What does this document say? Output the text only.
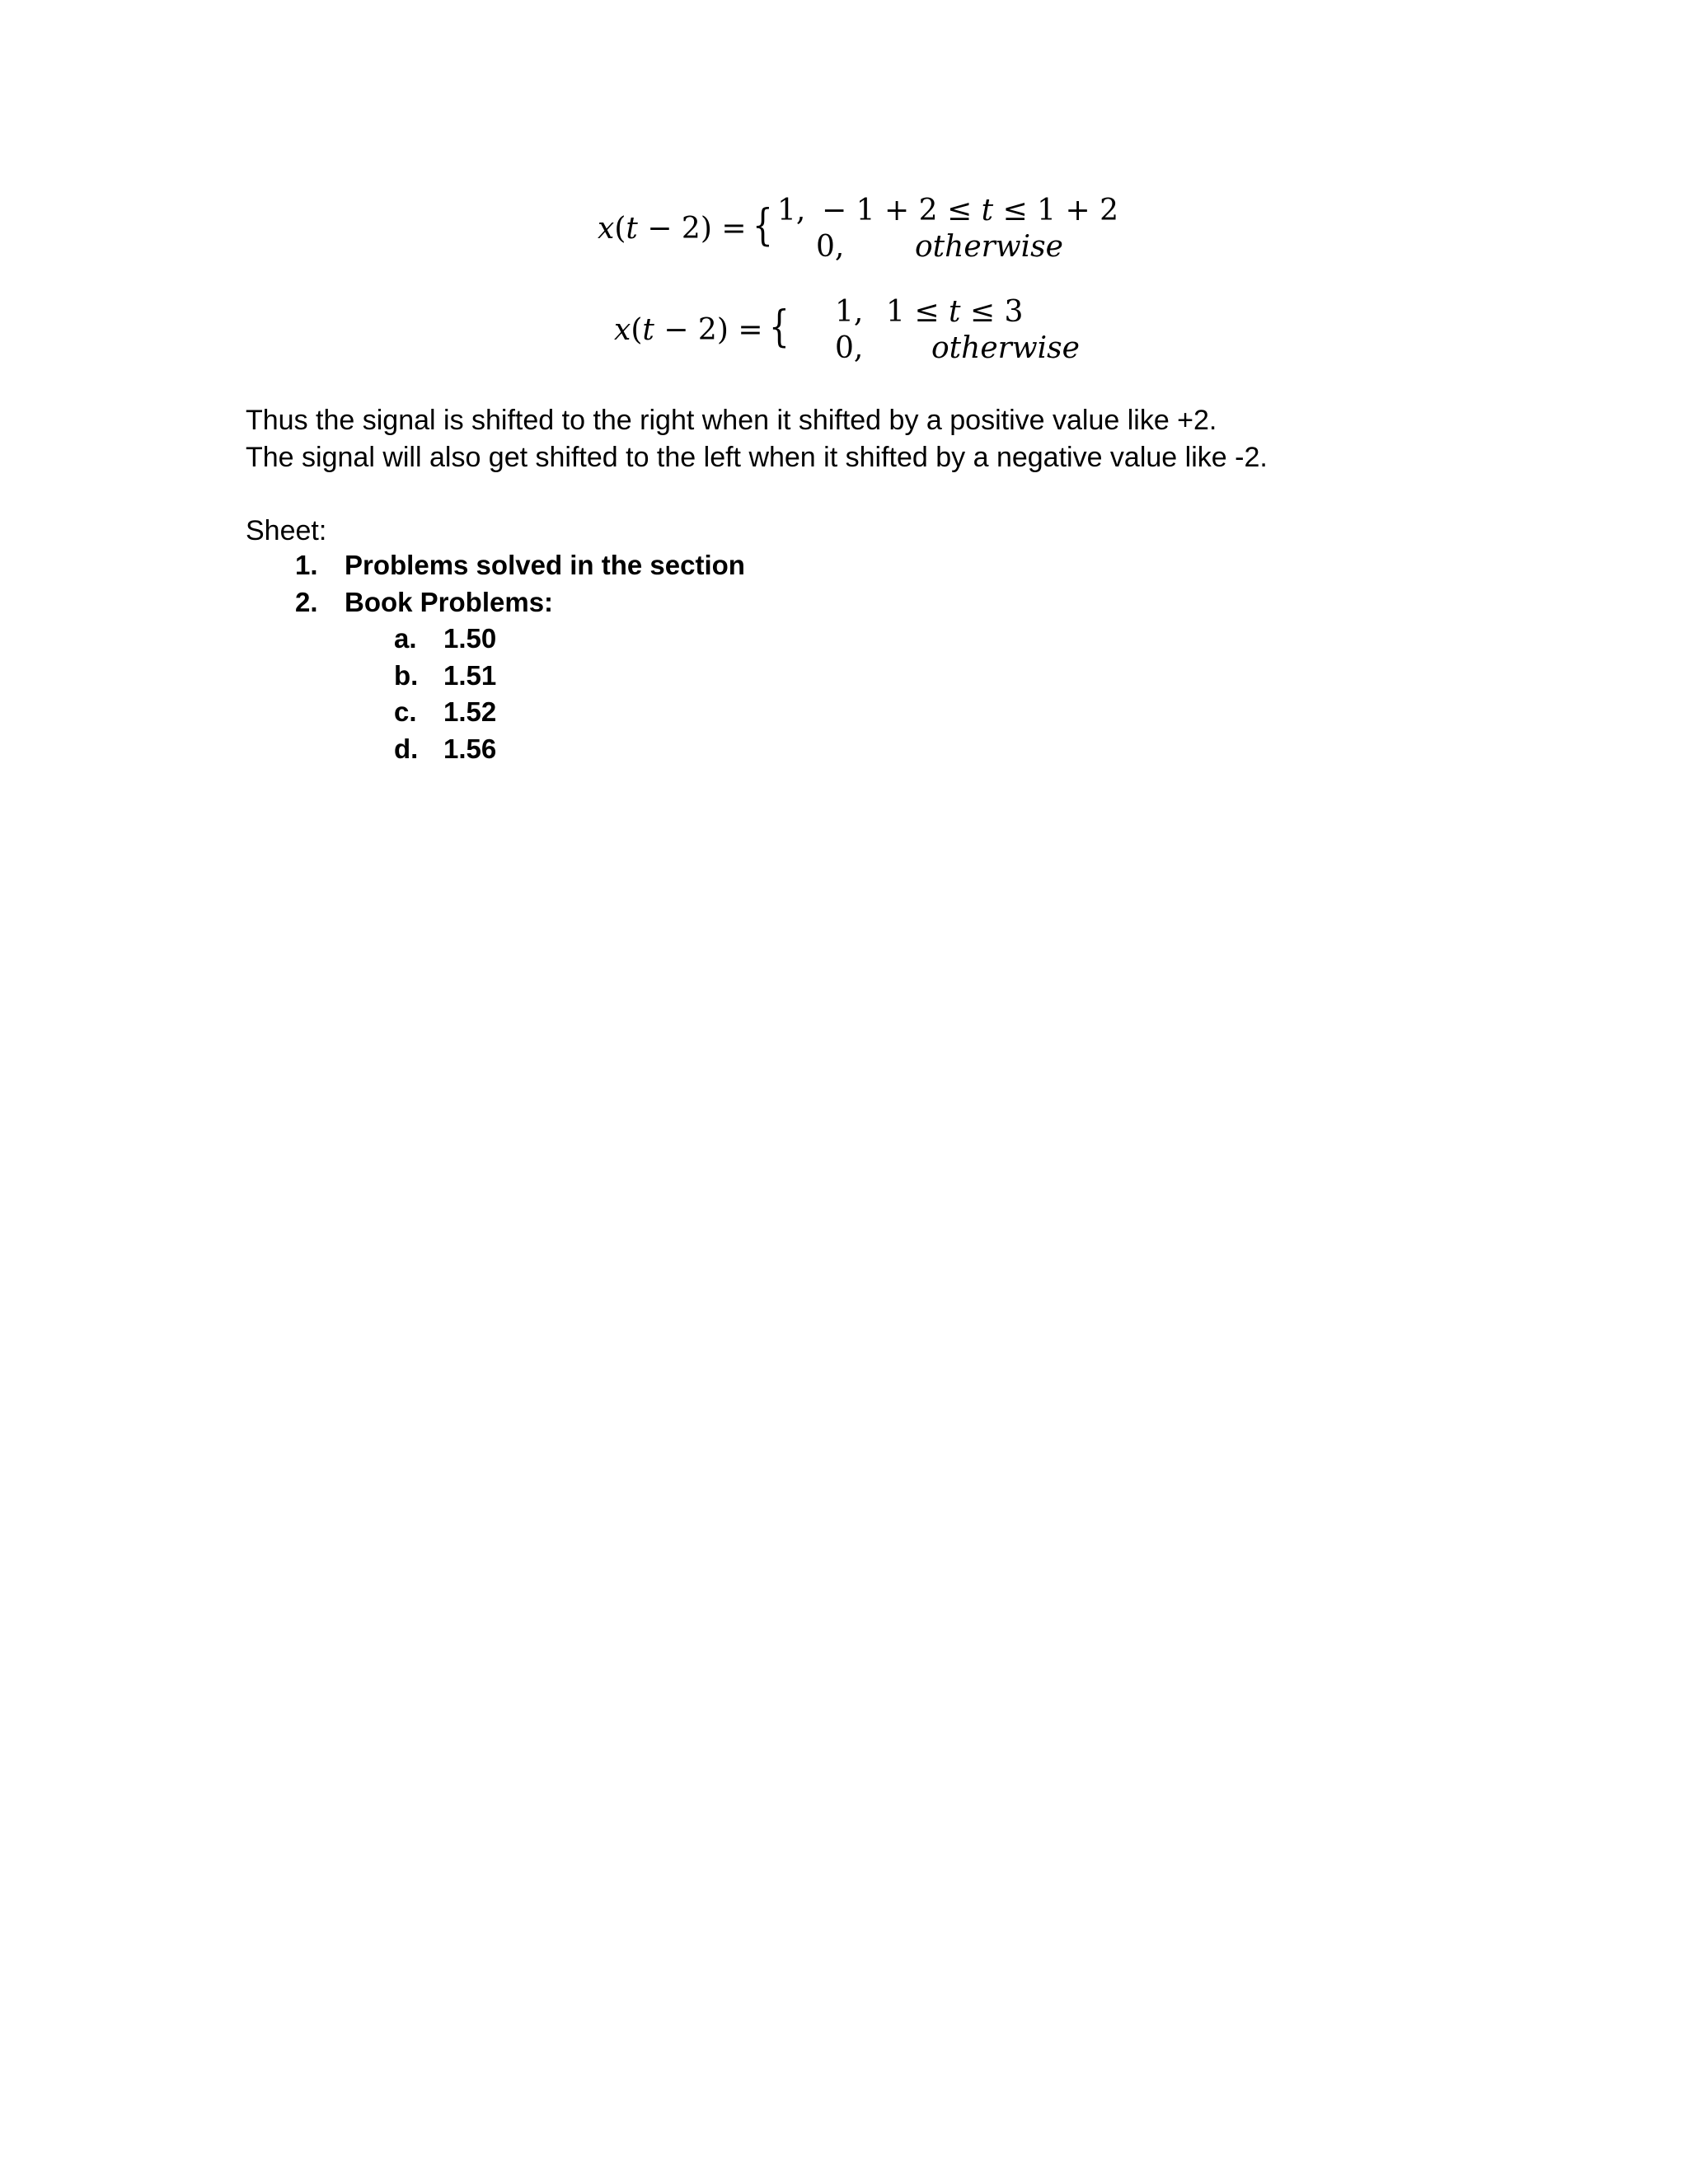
x(t − 2) = { 1, − 1 + 2 ≤ t ≤ 1 + 2
0, otherwise
x(t − 2) = { 1, 1 ≤ t ≤ 3
0, otherwise
Thus the signal is shifted to the right when it shifted by a positive value like +2.
The signal will also get shifted to the left when it shifted by a negative value like -2.
Sheet:
1. Problems solved in the section
2. Book Problems:
a. 1.50
b. 1.51
c. 1.52
d. 1.56
